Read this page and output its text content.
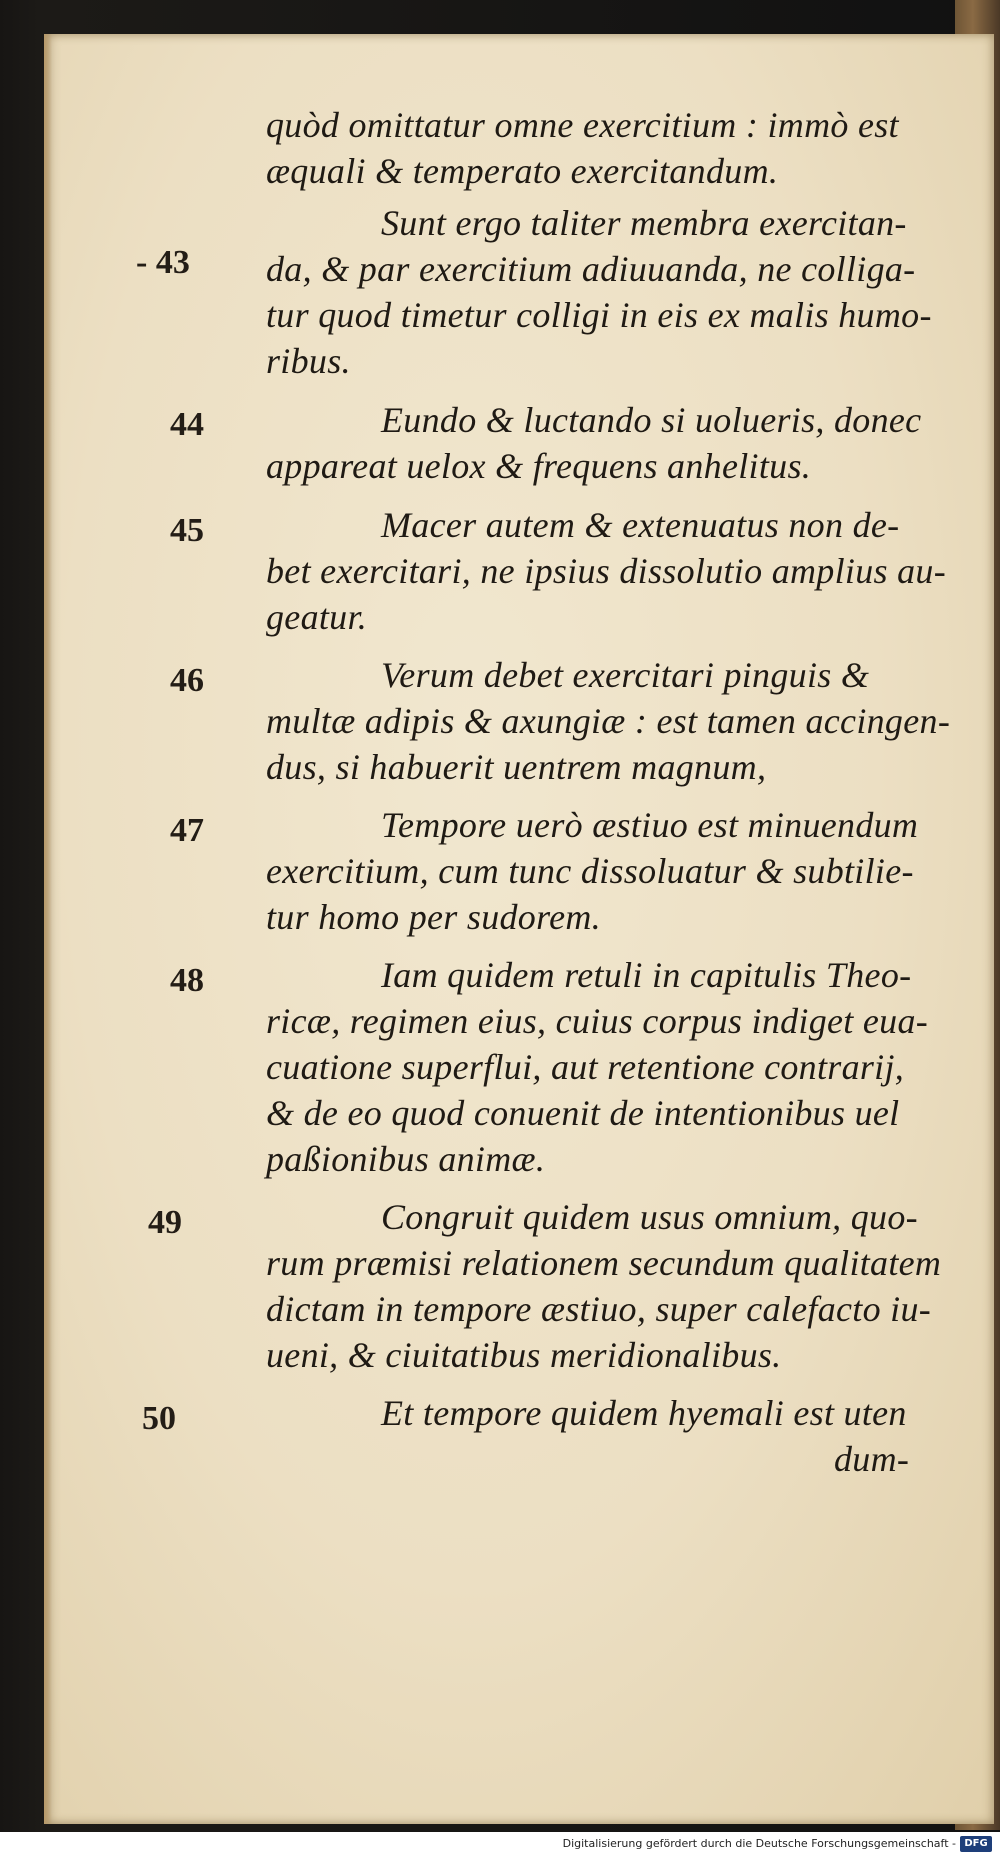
quòd omittatur omne exercitium : immò est
æquali & temperato exercitandum.
Sunt ergo taliter membra exercitan-
da, & par exercitium adiuuanda, ne colliga-
tur quod timetur colligi in eis ex malis humo-
ribus.
Eundo & luctando si uolueris, donec
appareat uelox & frequens anhelitus.
Macer autem & extenuatus non de-
bet exercitari, ne ipsius dissolutio amplius au-
geatur.
Verum debet exercitari pinguis &
multæ adipis & axungiæ : est tamen accingen-
dus, si habuerit uentrem magnum,
Tempore uerò æstiuo est minuendum
exercitium, cum tunc dissoluatur & subtilie-
tur homo per sudorem.
Iam quidem retuli in capitulis Theo-
ricæ, regimen eius, cuius corpus indiget eua-
cuatione superflui, aut retentione contrarij,
& de eo quod conuenit de intentionibus uel
paßionibus animæ.
Congruit quidem usus omnium, quo-
rum præmisi relationem secundum qualitatem
dictam in tempore æstiuo, super calefacto iu-
ueni, & ciuitatibus meridionalibus.
Et tempore quidem hyemali est uten
dum-
- 43
44
45
46
47
48
49
50
Digitalisierung gefördert durch die Deutsche Forschungsgemeinschaft - DFG
